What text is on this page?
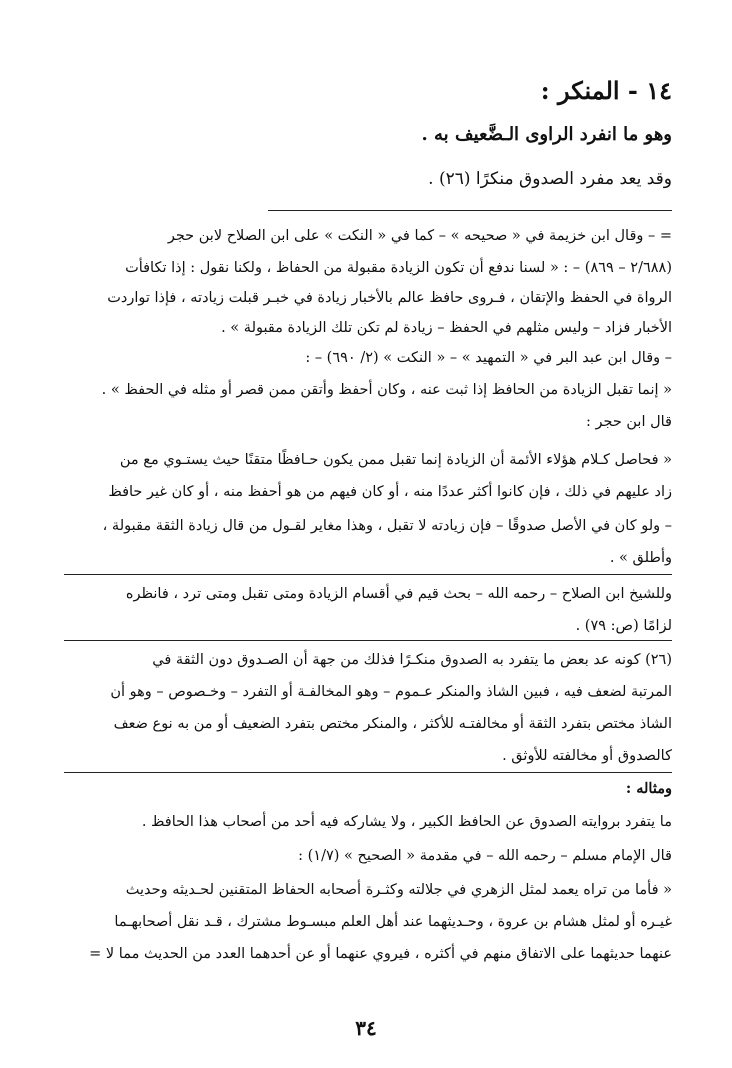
١٤ - المنكر :
وهو ما انفرد الراوى الـضَّعيف به .
وقد يعد مفرد الصدوق منكرًا (٢٦) .
= – وقال ابن خزيمة في « صحيحه » – كما في « النكت » على ابن الصلاح لابن حجر
(٢/٦٨٨ – ٨٦٩) – : « لسنا ندفع أن تكون الزيادة مقبولة من الحفاظ ، ولكنا نقول : إذا تكافأت
الرواة في الحفظ والإتقان ، فـروى حافظ عالم بالأخبار زيادة في خبـر قبلت زيادته ، فإذا تواردت
الأخبار فزاد – وليس مثلهم في الحفظ – زيادة لم تكن تلك الزيادة مقبولة » .
– وقال ابن عبد البر في « التمهيد » – « النكت » (٢/ ٦٩٠) – :
« إنما تقبل الزيادة من الحافظ إذا ثبت عنه ، وكان أحفظ وأتقن ممن قصر أو مثله في الحفظ » .
قال ابن حجر :
« فحاصل كـلام هؤلاء الأئمة أن الزيادة إنما تقبل ممن يكون حـافظًا متقنًا حيث يستـوي مع من
زاد عليهم في ذلك ، فإن كانوا أكثر عددًا منه ، أو كان فيهم من هو أحفظ منه ، أو كان غير حافظ
– ولو كان في الأصل صدوقًا – فإن زيادته لا تقبل ، وهذا مغاير لقـول من قال زيادة الثقة مقبولة ،
وأطلق » .
وللشيخ ابن الصلاح – رحمه الله – بحث قيم في أقسام الزيادة ومتى تقبل ومتى ترد ، فانظره
لزامًا (ص: ٧٩) .
(٢٦) كونه عد بعض ما يتفرد به الصدوق منكـرًا فذلك من جهة أن الصـدوق دون الثقة في
المرتبة لضعف فيه ، فبين الشاذ والمنكر عـموم – وهو المخالفـة أو التفرد – وخـصوص – وهو أن
الشاذ مختص بتفرد الثقة أو مخالفتـه للأكثر ، والمنكر مختص بتفرد الضعيف أو من به نوع ضعف
كالصدوق أو مخالفته للأوثق .
ومثاله :
ما يتفرد بروايته الصدوق عن الحافظ الكبير ، ولا يشاركه فيه أحد من أصحاب هذا الحافظ .
قال الإمام مسلم – رحمه الله – في مقدمة « الصحيح » (١/٧) :
« فأما من تراه يعمد لمثل الزهري في جلالته وكثـرة أصحابه الحفاظ المتقنين لحـديثه وحديث
غيـره أو لمثل هشام بن عروة ، وحـديثهما عند أهل العلم مبسـوط مشترك ، قـد نقل أصحابهـما
عنهما حديثهما على الاتفاق منهم في أكثره ، فيروي عنهما أو عن أحدهما العدد من الحديث مما لا =
٣٤
